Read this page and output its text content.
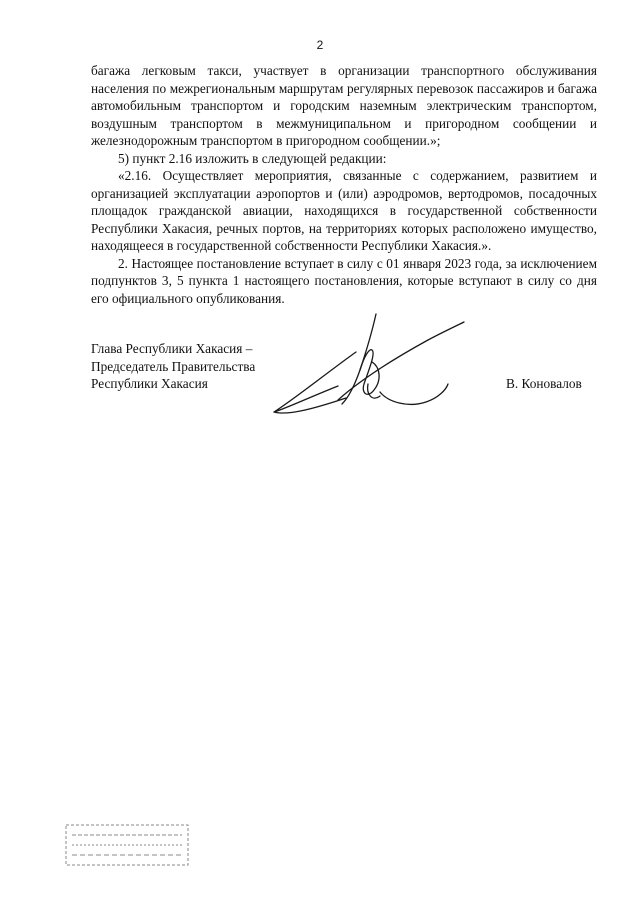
2

багажа легковым такси, участвует в организации транспортного обслуживания населения по межрегиональным маршрутам регулярных перевозок пассажиров и багажа автомобильным транспортом и городским наземным электрическим транспортом, воздушным транспортом в межмуниципальном и пригородном сообщении и железнодорожным транспортом в пригородном сообщении.»;

5) пункт 2.16 изложить в следующей редакции:

«2.16. Осуществляет мероприятия, связанные с содержанием, развитием и организацией эксплуатации аэропортов и (или) аэродромов, вертодромов, посадочных площадок гражданской авиации, находящихся в государственной собственности Республики Хакасия, речных портов, на территориях которых расположено имущество, находящееся в государственной собственности Республики Хакасия.».

2. Настоящее постановление вступает в силу с 01 января 2023 года, за исключением подпунктов 3, 5 пункта 1 настоящего постановления, которые вступают в силу со дня его официального опубликования.

Глава Республики Хакасия –
Председатель Правительства
Республики Хакасия	В. Коновалов
